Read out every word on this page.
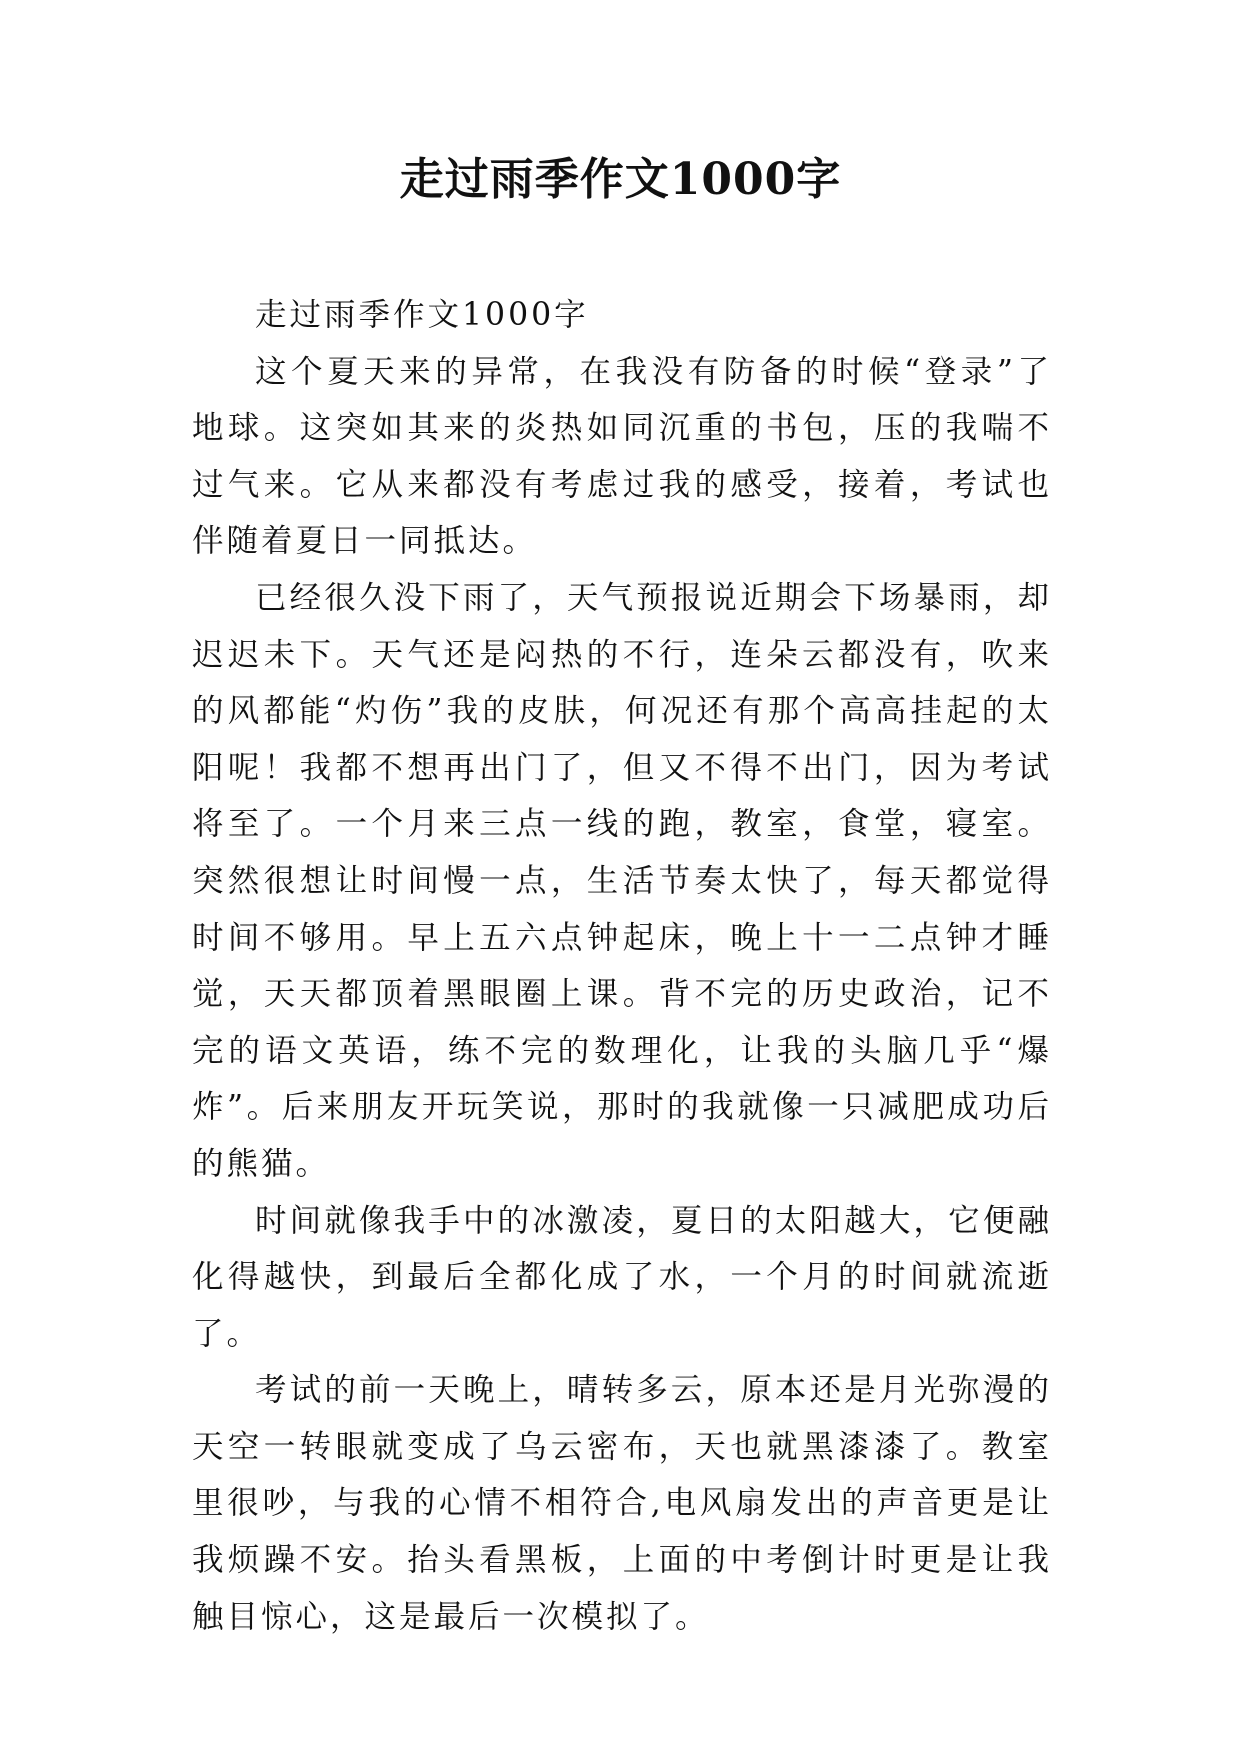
走过雨季作文1000字

走过雨季作文1000字

这个夏天来的异常，在我没有防备的时候“登录”了地球。这突如其来的炎热如同沉重的书包，压的我喘不过气来。它从来都没有考虑过我的感受，接着，考试也伴随着夏日一同抵达。

已经很久没下雨了，天气预报说近期会下场暴雨，却迟迟未下。天气还是闷热的不行，连朵云都没有，吹来的风都能“灼伤”我的皮肤，何况还有那个高高挂起的太阳呢！我都不想再出门了，但又不得不出门，因为考试将至了。一个月来三点一线的跑，教室，食堂，寝室。突然很想让时间慢一点，生活节奏太快了，每天都觉得时间不够用。早上五六点钟起床，晚上十一二点钟才睡觉，天天都顶着黑眼圈上课。背不完的历史政治，记不完的语文英语，练不完的数理化，让我的头脑几乎“爆炸”。后来朋友开玩笑说，那时的我就像一只减肥成功后的熊猫。

时间就像我手中的冰激凌，夏日的太阳越大，它便融化得越快，到最后全都化成了水，一个月的时间就流逝了。

考试的前一天晚上，晴转多云，原本还是月光弥漫的天空一转眼就变成了乌云密布，天也就黑漆漆了。教室里很吵，与我的心情不相符合,电风扇发出的声音更是让我烦躁不安。抬头看黑板，上面的中考倒计时更是让我触目惊心，这是最后一次模拟了。
